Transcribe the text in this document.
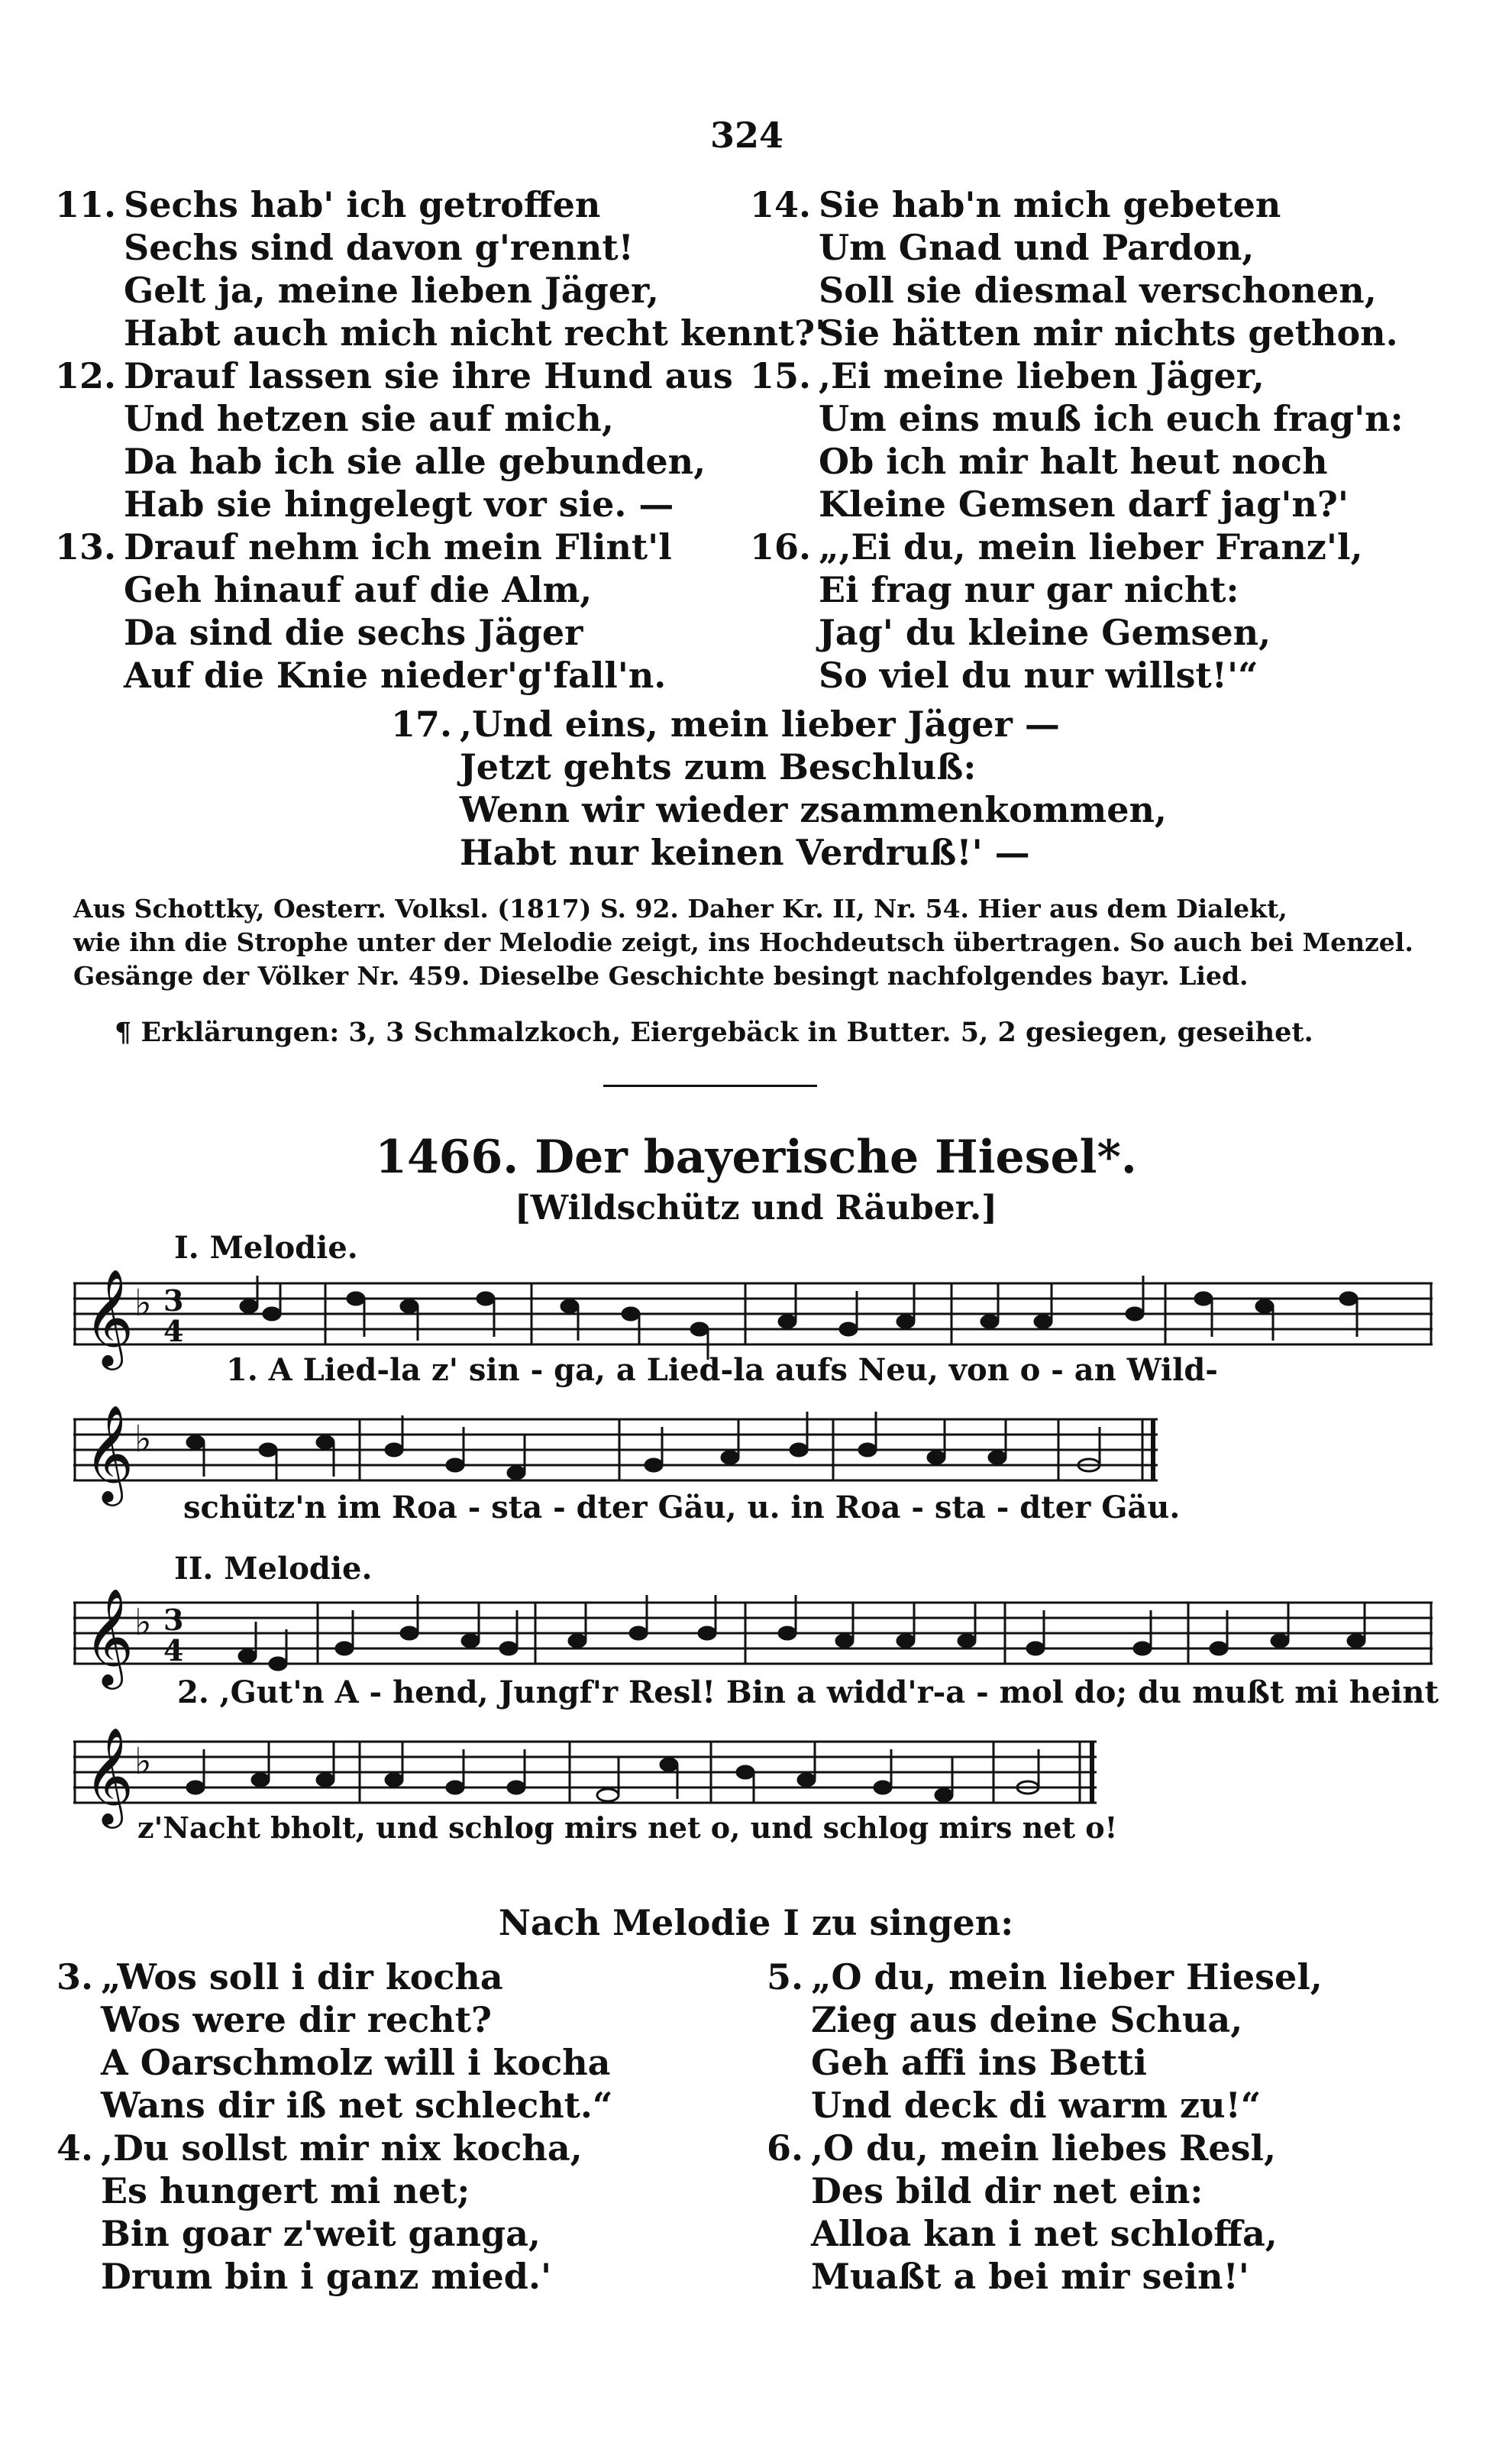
324
11. Sechs hab' ich getroffen
Sechs sind davon g'rennt!
Gelt ja, meine lieben Jäger,
Habt auch mich nicht recht kennt?'
12. Drauf lassen sie ihre Hund aus
Und hetzen sie auf mich,
Da hab ich sie alle gebunden,
Hab sie hingelegt vor sie. —
13. Drauf nehm ich mein Flint'l
Geh hinauf auf die Alm,
Da sind die sechs Jäger
Auf die Knie nieder'g'fall'n.
14. Sie hab'n mich gebeten
Um Gnad und Pardon,
Soll sie diesmal verschonen,
Sie hätten mir nichts gethon.
15. ,Ei meine lieben Jäger,
Um eins muß ich euch frag'n:
Ob ich mir halt heut noch
Kleine Gemsen darf jag'n?'
16. „,Ei du, mein lieber Franz'l,
Ei frag nur gar nicht:
Jag' du kleine Gemsen,
So viel du nur willst!'“
17. ,Und eins, mein lieber Jäger —
Jetzt gehts zum Beschluß:
Wenn wir wieder zsammenkommen,
Habt nur keinen Verdruß!' —
Aus Schottky, Oesterr. Volksl. (1817) S. 92. Daher Kr. II, Nr. 54. Hier aus dem Dialekt,
wie ihn die Strophe unter der Melodie zeigt, ins Hochdeutsch übertragen. So auch bei Menzel.
Gesänge der Völker Nr. 459. Dieselbe Geschichte besingt nachfolgendes bayr. Lied.
¶ Erklärungen: 3, 3 Schmalzkoch, Eiergebäck in Butter. 5, 2 gesiegen, geseihet.
1466. Der bayerische Hiesel*.
[Wildschütz und Räuber.]
I. Melodie.
𝄞 ♭ 3
4
1. A Lied-la z' sin - ga, a Lied-la aufs Neu, von o - an Wild-
𝄞 ♭
schütz'n im Roa - sta - dter Gäu, u. in Roa - sta - dter Gäu.
II. Melodie.
𝄞 ♭ 3
4
2. ,Gut'n A - hend, Jungf'r Resl! Bin a widd'r-a - mol do; du mußt mi heint
𝄞 ♭
z'Nacht bholt, und schlog mirs net o, und schlog mirs net o!
Nach Melodie I zu singen:
3. „Wos soll i dir kocha
Wos were dir recht?
A Oarschmolz will i kocha
Wans dir iß net schlecht.“
4. ,Du sollst mir nix kocha,
Es hungert mi net;
Bin goar z'weit ganga,
Drum bin i ganz mied.'
5. „O du, mein lieber Hiesel,
Zieg aus deine Schua,
Geh affi ins Betti
Und deck di warm zu!“
6. ,O du, mein liebes Resl,
Des bild dir net ein:
Alloa kan i net schloffa,
Muaßt a bei mir sein!'
